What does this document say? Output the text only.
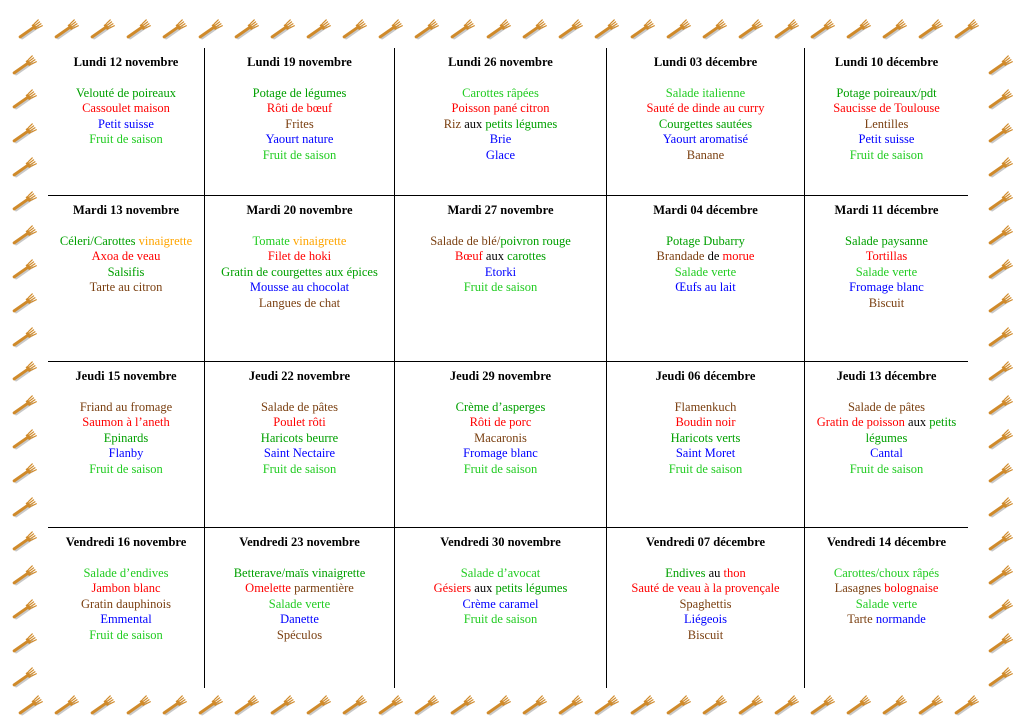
Lundi 12 novembre
Velouté de poireaux
Cassoulet maison
Petit suisse
Fruit de saison
Lundi 19 novembre
Potage de légumes
Rôti de bœuf
Frites
Yaourt nature
Fruit de saison
Lundi 26 novembre
Carottes râpées
Poisson pané citron
Riz aux petits légumes
Brie
Glace
Lundi 03 décembre
Salade italienne
Sauté de dinde au curry
Courgettes sautées
Yaourt aromatisé
Banane
Lundi 10 décembre
Potage poireaux/pdt
Saucisse de Toulouse
Lentilles
Petit suisse
Fruit de saison
Mardi 13 novembre
Céleri/Carottes vinaigrette
Axoa de veau
Salsifis
Tarte au citron
Mardi 20 novembre
Tomate vinaigrette
Filet de hoki
Gratin de courgettes aux épices
Mousse au chocolat
Langues de chat
Mardi 27 novembre
Salade de blé/poivron rouge
Bœuf aux carottes
Etorki
Fruit de saison
Mardi 04 décembre
Potage Dubarry
Brandade de morue
Salade verte
Œufs au lait
Mardi 11 décembre
Salade paysanne
Tortillas
Salade verte
Fromage blanc
Biscuit
Jeudi 15 novembre
Friand au fromage
Saumon à l’aneth
Epinards
Flanby
Fruit de saison
Jeudi 22 novembre
Salade de pâtes
Poulet rôti
Haricots beurre
Saint Nectaire
Fruit de saison
Jeudi 29 novembre
Crème d’asperges
Rôti de porc
Macaronis
Fromage blanc
Fruit de saison
Jeudi 06 décembre
Flamenkuch
Boudin noir
Haricots verts
Saint Moret
Fruit de saison
Jeudi 13 décembre
Salade de pâtes
Gratin de poisson aux petits
légumes
Cantal
Fruit de saison
Vendredi 16 novembre
Salade d’endives
Jambon blanc
Gratin dauphinois
Emmental
Fruit de saison
Vendredi 23 novembre
Betterave/maïs vinaigrette
Omelette parmentière
Salade verte
Danette
Spéculos
Vendredi 30 novembre
Salade d’avocat
Gésiers aux petits légumes
Crème caramel
Fruit de saison
Vendredi 07 décembre
Endives au thon
Sauté de veau à la provençale
Spaghettis
Liégeois
Biscuit
Vendredi 14 décembre
Carottes/choux râpés
Lasagnes bolognaise
Salade verte
Tarte normande
